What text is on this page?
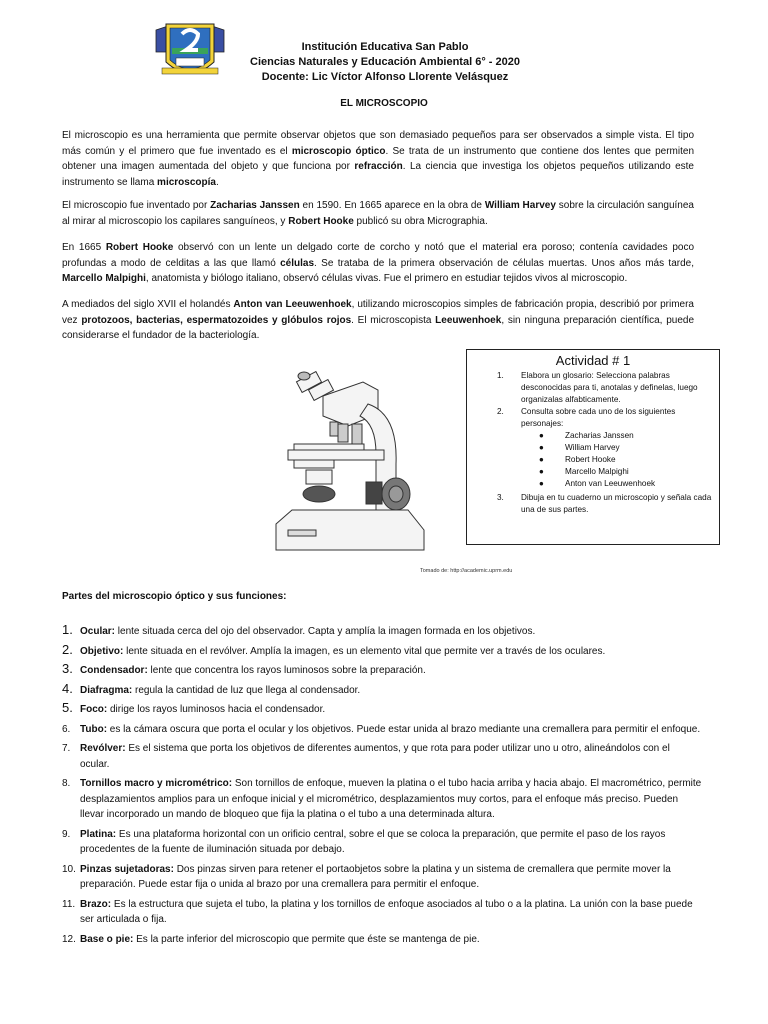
Institución Educativa San Pablo
Ciencias Naturales y Educación Ambiental 6° - 2020
Docente: Lic Víctor Alfonso Llorente Velásquez
EL MICROSCOPIO
El microscopio es una herramienta que permite observar objetos que son demasiado pequeños para ser observados a simple vista. El tipo más común y el primero que fue inventado es el microscopio óptico. Se trata de un instrumento que contiene dos lentes que permiten obtener una imagen aumentada del objeto y que funciona por refracción. La ciencia que investiga los objetos pequeños utilizando este instrumento se llama microscopía.
El microscopio fue inventado por Zacharias Janssen en 1590. En 1665 aparece en la obra de William Harvey sobre la circulación sanguínea al mirar al microscopio los capilares sanguíneos, y Robert Hooke publicó su obra Micrographia.
En 1665 Robert Hooke observó con un lente un delgado corte de corcho y notó que el material era poroso; contenía cavidades poco profundas a modo de celditas a las que llamó células. Se trataba de la primera observación de células muertas. Unos años más tarde, Marcello Malpighi, anatomista y biólogo italiano, observó células vivas. Fue el primero en estudiar tejidos vivos al microscopio.
A mediados del siglo XVII el holandés Anton van Leeuwenhoek, utilizando microscopios simples de fabricación propia, describió por primera vez protozoos, bacterias, espermatozoides y glóbulos rojos. El microscopista Leeuwenhoek, sin ninguna preparación científica, puede considerarse el fundador de la bacteriología.
Tomado de: http://academic.uprm.edu
Actividad # 1
1. Elabora un glosario: Selecciona palabras desconocidas para ti, anotalas y definelas, luego organizalas alfabticamente.
2. Consulta sobre cada uno de los siguientes personajes:
●	Zacharias Janssen
●	William Harvey
●	Robert Hooke
●	Marcello Malpighi
●	Anton van Leeuwenhoek
3. Dibuja en tu cuaderno un microscopio y señala cada una de sus partes.
Partes del microscopio óptico y sus funciones:
1. Ocular: lente situada cerca del ojo del observador. Capta y amplía la imagen formada en los objetivos.
2. Objetivo: lente situada en el revólver. Amplía la imagen, es un elemento vital que permite ver a través de los oculares.
3. Condensador: lente que concentra los rayos luminosos sobre la preparación.
4. Diafragma: regula la cantidad de luz que llega al condensador.
5. Foco: dirige los rayos luminosos hacia el condensador.
6. Tubo: es la cámara oscura que porta el ocular y los objetivos. Puede estar unida al brazo mediante una cremallera para permitir el enfoque.
7. Revólver: Es el sistema que porta los objetivos de diferentes aumentos, y que rota para poder utilizar uno u otro, alineándolos con el ocular.
8. Tornillos macro y micrométrico: Son tornillos de enfoque, mueven la platina o el tubo hacia arriba y hacia abajo. El macrométrico, permite desplazamientos amplios para un enfoque inicial y el micrométrico, desplazamientos muy cortos, para el enfoque más preciso. Pueden llevar incorporado un mando de bloqueo que fija la platina o el tubo a una determinada altura.
9. Platina: Es una plataforma horizontal con un orificio central, sobre el que se coloca la preparación, que permite el paso de los rayos procedentes de la fuente de iluminación situada por debajo.
10. Pinzas sujetadoras: Dos pinzas sirven para retener el portaobjetos sobre la platina y un sistema de cremallera que permite mover la preparación. Puede estar fija o unida al brazo por una cremallera para permitir el enfoque.
11. Brazo: Es la estructura que sujeta el tubo, la platina y los tornillos de enfoque asociados al tubo o a la platina. La unión con la base puede ser articulada o fija.
12. Base o pie: Es la parte inferior del microscopio que permite que éste se mantenga de pie.
